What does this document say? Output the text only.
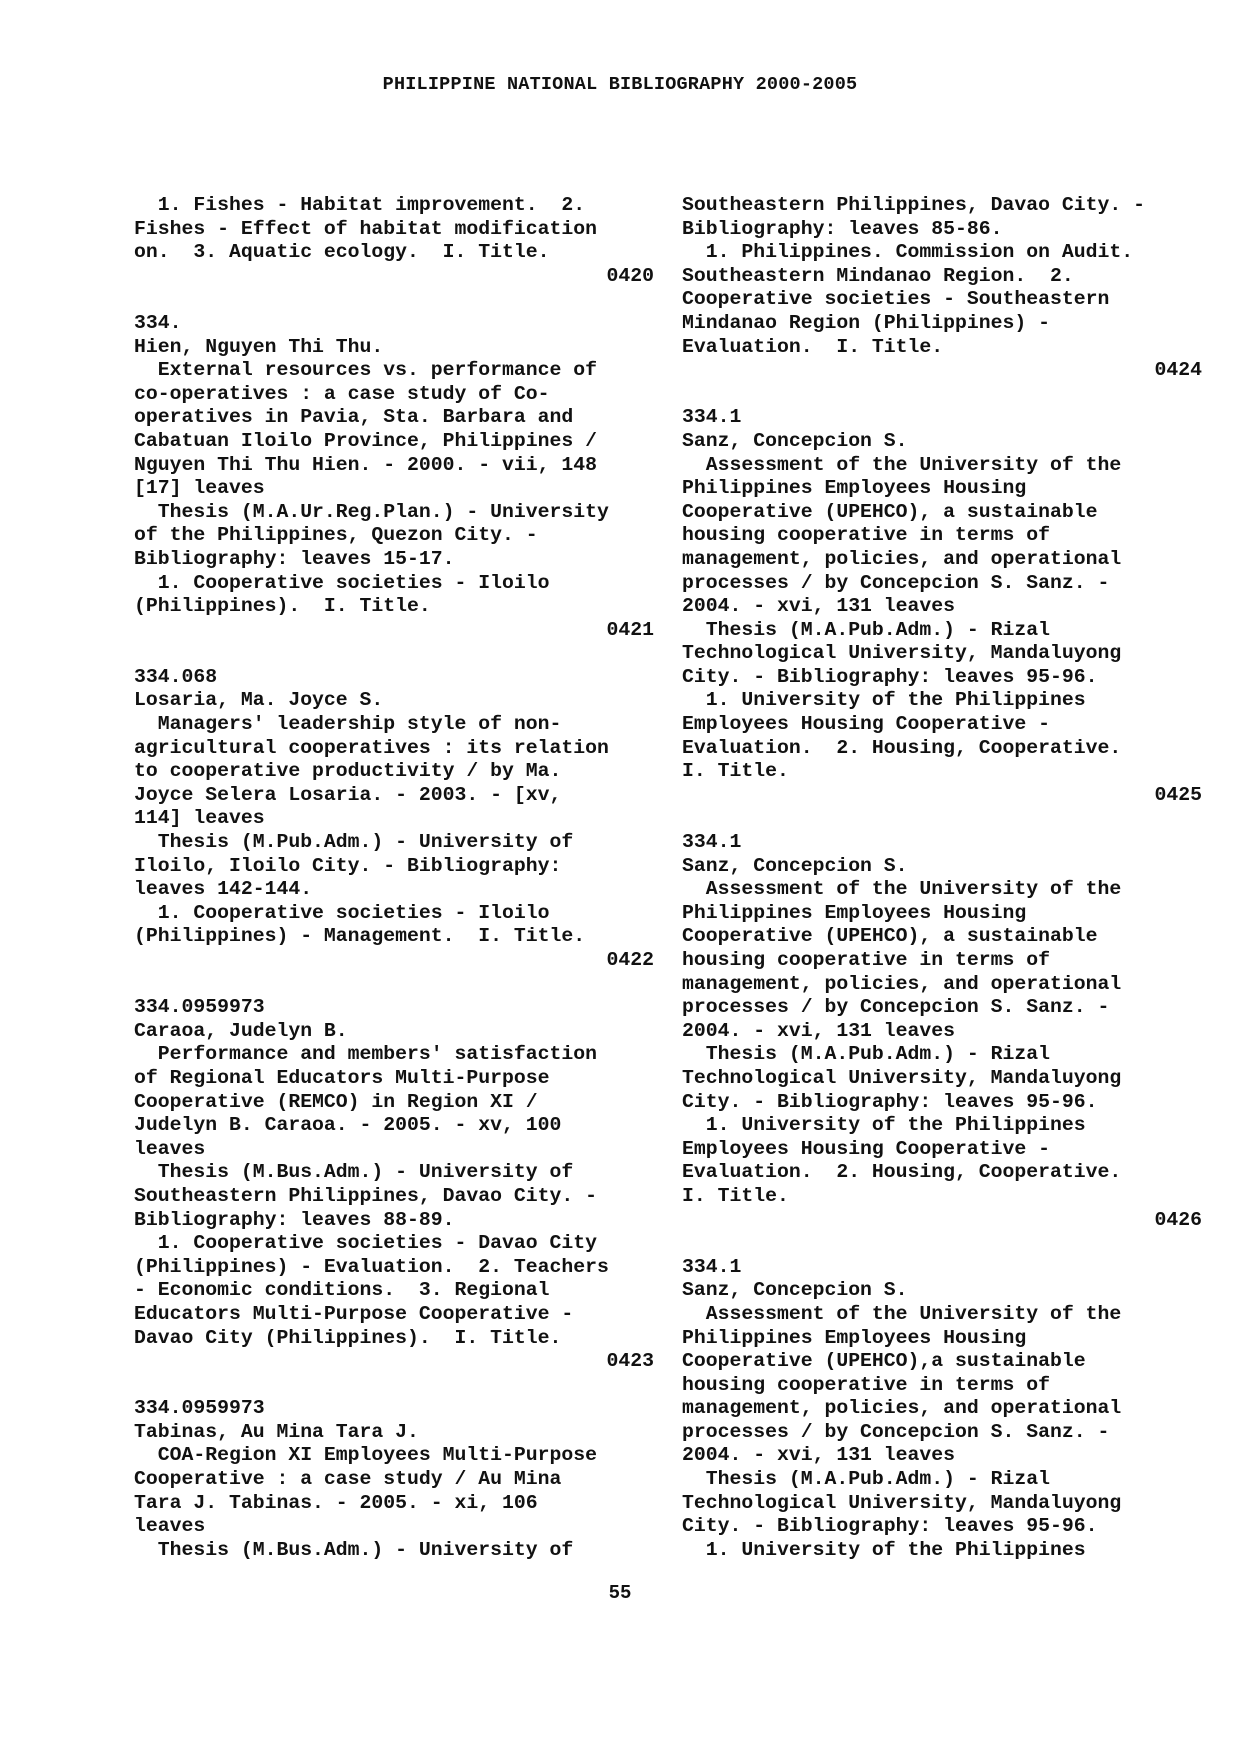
PHILIPPINE NATIONAL BIBLIOGRAPHY 2000-2005
1. Fishes - Habitat improvement.  2.
Fishes - Effect of habitat modification
on.  3. Aquatic ecology.  I. Title.
0420
334.
Hien, Nguyen Thi Thu.
External resources vs. performance of
co-operatives : a case study of Co-
operatives in Pavia, Sta. Barbara and
Cabatuan Iloilo Province, Philippines /
Nguyen Thi Thu Hien. - 2000. - vii, 148
[17] leaves
Thesis (M.A.Ur.Reg.Plan.) - University
of the Philippines, Quezon City. -
Bibliography: leaves 15-17.
1. Cooperative societies - Iloilo
(Philippines).  I. Title.
0421
334.068
Losaria, Ma. Joyce S.
Managers' leadership style of non-
agricultural cooperatives : its relation
to cooperative productivity / by Ma.
Joyce Selera Losaria. - 2003. - [xv,
114] leaves
Thesis (M.Pub.Adm.) - University of
Iloilo, Iloilo City. - Bibliography:
leaves 142-144.
1. Cooperative societies - Iloilo
(Philippines) - Management.  I. Title.
0422
334.0959973
Caraoa, Judelyn B.
Performance and members' satisfaction
of Regional Educators Multi-Purpose
Cooperative (REMCO) in Region XI /
Judelyn B. Caraoa. - 2005. - xv, 100
leaves
Thesis (M.Bus.Adm.) - University of
Southeastern Philippines, Davao City. -
Bibliography: leaves 88-89.
1. Cooperative societies - Davao City
(Philippines) - Evaluation.  2. Teachers
- Economic conditions.  3. Regional
Educators Multi-Purpose Cooperative -
Davao City (Philippines).  I. Title.
0423
334.0959973
Tabinas, Au Mina Tara J.
COA-Region XI Employees Multi-Purpose
Cooperative : a case study / Au Mina
Tara J. Tabinas. - 2005. - xi, 106
leaves
Thesis (M.Bus.Adm.) - University of
Southeastern Philippines, Davao City. -
Bibliography: leaves 85-86.
1. Philippines. Commission on Audit.
Southeastern Mindanao Region.  2.
Cooperative societies - Southeastern
Mindanao Region (Philippines) -
Evaluation.  I. Title.
0424
334.1
Sanz, Concepcion S.
Assessment of the University of the
Philippines Employees Housing
Cooperative (UPEHCO), a sustainable
housing cooperative in terms of
management, policies, and operational
processes / by Concepcion S. Sanz. -
2004. - xvi, 131 leaves
Thesis (M.A.Pub.Adm.) - Rizal
Technological University, Mandaluyong
City. - Bibliography: leaves 95-96.
1. University of the Philippines
Employees Housing Cooperative -
Evaluation.  2. Housing, Cooperative.
I. Title.
0425
334.1
Sanz, Concepcion S.
Assessment of the University of the
Philippines Employees Housing
Cooperative (UPEHCO), a sustainable
housing cooperative in terms of
management, policies, and operational
processes / by Concepcion S. Sanz. -
2004. - xvi, 131 leaves
Thesis (M.A.Pub.Adm.) - Rizal
Technological University, Mandaluyong
City. - Bibliography: leaves 95-96.
1. University of the Philippines
Employees Housing Cooperative -
Evaluation.  2. Housing, Cooperative.
I. Title.
0426
334.1
Sanz, Concepcion S.
Assessment of the University of the
Philippines Employees Housing
Cooperative (UPEHCO),a sustainable
housing cooperative in terms of
management, policies, and operational
processes / by Concepcion S. Sanz. -
2004. - xvi, 131 leaves
Thesis (M.A.Pub.Adm.) - Rizal
Technological University, Mandaluyong
City. - Bibliography: leaves 95-96.
1. University of the Philippines
55
